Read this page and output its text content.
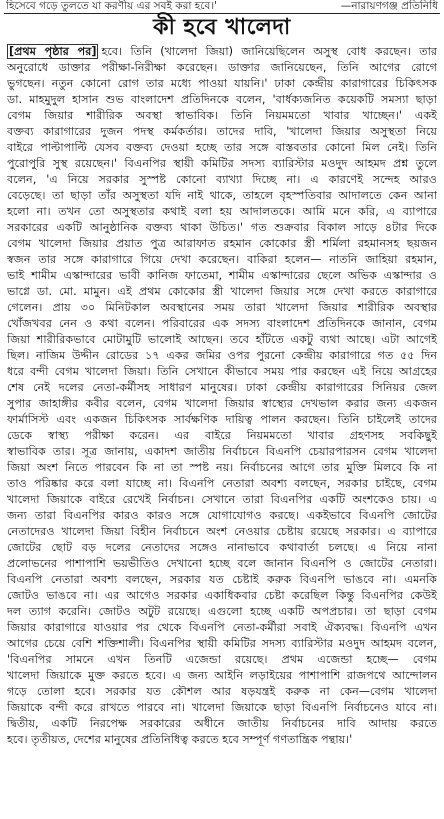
হিসেবে গড়ে তুলতে যা করণীয় এর সবই করা হবে।'	—নারায়ণগঞ্জ প্রতিনিধি
কী হবে খালেদা
[প্রথম পৃষ্ঠার পর] হবে। তিনি (খালেদা জিয়া) জানিয়েছিলেন অসুস্থ বোধ করছেন। তার
অনুরোধে ডাক্তার পরীক্ষা-নিরীক্ষা করেছেন। ডাক্তার জানিয়েছেন, তিনি আগের রোগে
ভুগছেন। নতুন কোনো রোগ তার মধ্যে পাওয়া যায়নি।' ঢাকা কেন্দ্রীয় কারাগারের চিকিৎসক
ডা. মাহমুদুল হাসান শুভ বাংলাদেশ প্রতিদিনকে বলেন, 'বার্ধক্যজনিত কয়েকটি সমস্যা ছাড়া
বেগম জিয়ার শারীরিক অবস্থা স্বাভাবিক। তিনি নিয়মমতো খাবার খাচ্ছেন।' একই
বক্তব্য কারাগারের দুজন পদস্থ কর্মকর্তার। তাদের দাবি, 'খালেদা জিয়ার অসুস্থতা নিয়ে
বাইরে পাল্টাপাল্টি যেসব বক্তব্য দেওয়া হচ্ছে তার সঙ্গে বাস্তবতার কোনো মিল নেই। তিনি
পুরোপুরি সুস্থ রয়েছেন।' বিএনপির স্থায়ী কমিটির সদস্য ব্যারিস্টার মওদুদ আহমদ প্রশ্ন তুলে
বলেন, 'এ নিয়ে সরকার সুস্পষ্ট কোনো ব্যাখ্যা দিচ্ছে না। এ কারণেই সন্দেহ আরও
বেড়েছে। তা ছাড়া তাঁর অসুস্থতা যদি নাই থাকে, তাহলে বৃহস্পতিবার আদালতে কেন আনা
হলো না। তখন তো অসুস্থতার কথাই বলা হয় আদালতকে। আমি মনে করি, এ ব্যাপারে
সরকারের একটি আনুষ্ঠানিক বক্তব্য থাকা উচিত।' গত শুক্রবার বিকাল সাড়ে ৪টার দিকে
বেগম খালেদা জিয়ার প্রয়াত পুত্র আরাফাত রহমান কোকোর স্ত্রী শর্মিলা রহমানসহ ছয়জন
স্বজন তার সঙ্গে কারাগারে গিয়ে দেখা করেছেন। বাকিরা হলেন— নাতনি জাহিয়া রহমান,
ভাই শামীম এস্কান্দারের ভাবী কানিজ ফাতেমা, শামীম এস্কান্দারের ছেলে অভিক এস্কান্দার ও
ভাগ্নে ডা. মো. মামুন। এই প্রথম কোকোর স্ত্রী খালেদা জিয়ার সঙ্গে দেখা করতে কারাগারে
গেলেন। প্রায় ৩০ মিনিটকাল অবস্থানের সময় তারা খালেদা জিয়ার শারীরিক অবস্থার
খোঁজখবর নেন ও কথা বলেন। পরিবারের এক সদস্য বাংলাদেশ প্রতিদিনকে জানান, বেগম
জিয়া শারীরিকভাবে মোটামুটি ভালোই আছেন। তবে হাঁটতে একটু ব্যথা আছে। এটা আগেই
ছিল। নাজিম উদ্দীন রোডের ১৭ একর জমির ওপর পুরনো কেন্দ্রীয় কারাগারে গত ৫৫ দিন
ধরে বন্দী বেগম খালেদা জিয়া। তিনি সেখানে কীভাবে সময় পার করছেন এই নিয়ে আগ্রহের
শেষ নেই দলের নেতা-কর্মীসহ সাধারণ মানুষের। ঢাকা কেন্দ্রীয় কারাগারের সিনিয়র জেল
সুপার জাহাঙ্গীর কবীর বলেন, বেগম খালেদা জিয়ার স্বাস্থ্যের দেখভাল করার জন্য একজন
ফার্মাসিস্ট এবং একজন চিকিৎসক সার্বক্ষণিক দায়িত্ব পালন করছেন। তিনি চাইলেই তাদের
ডেকে স্বাস্থ্য পরীক্ষা করেন। এর বাইরে নিয়মমতো খাবার গ্রহণসহ সবকিছুই
স্বাভাবিক তার। সূত্র জানায়, একাদশ জাতীয় নির্বাচনে বিএনপি চেয়ারপারসন বেগম খালেদা
জিয়া অংশ নিতে পারবেন কি না তা স্পষ্ট নয়। নির্বাচনের আগে তার মুক্তি মিলবে কি না
তাও পরিষ্কার করে বলা যাচ্ছে না। বিএনপি নেতারা অবশ্য বলছেন, সরকার চাইছে, বেগম
খালেদা জিয়াকে বাইরে রেখেই নির্বাচন। সেখানে তারা বিএনপির একটি অংশকেও চায়। এ
জন্য তারা বিএনপির কারও কারও সঙ্গে যোগাযোগও করছে। একইভাবে বিএনপি জোটের
নেতাদেরও খালেদা জিয়া বিহীন নির্বাচনে অংশ নেওয়ার চেষ্টায় রয়েছে সরকার। এ ব্যাপারে
জোটের ছোট বড় দলের নেতাদের সঙ্গেও নানাভাবে কথাবার্তা চলছে। এ নিয়ে নানা
প্রলোভনের পাশাপাশি ভয়ভীতিও দেখানো হচ্ছে বলে জানান বিএনপি ও জোটের নেতারা।
বিএনপি নেতারা অবশ্য বলছেন, সরকার যত চেষ্টাই করুক বিএনপি ভাঙবে না। এমনকি
জোটও ভাঙবে না। এর আগেও সরকার একাধিকবার চেষ্টা করেছিল কিন্তু বিএনপির কেউই
দল ত্যাগ করেনি। জোটও অটুট রয়েছে। এগুলো হচ্ছে একটি অপপ্রচার। তা ছাড়া বেগম
জিয়ার কারাগারে যাওয়ার পর থেকে বিএনপি নেতা-কর্মীরা সবাই ঐক্যবদ্ধ। বিএনপি এখন
আগের চেয়ে বেশি শক্তিশালী। বিএনপির স্থায়ী কমিটির সদস্য ব্যারিস্টার মওদুদ আহমদ বলেন,
'বিএনপির সামনে এখন তিনটি এজেন্ডা রয়েছে। প্রথম এজেন্ডা হচ্ছে— বেগম
খালেদা জিয়াকে মুক্ত করতে হবে। এ জন্য আইনি লড়াইয়ের পাশাপাশি রাজপথে আন্দোলন
গড়ে তোলা হবে। সরকার যত কৌশল আর ষড়যন্ত্রই করুক না কেন—বেগম খালেদা
জিয়াকে বন্দী করে রাখতে পারবে না। খালেদা জিয়াকে ছাড়া বিএনপি নির্বাচনেও যাবে না।
দ্বিতীয়, একটি নিরপেক্ষ সরকারের অধীনে জাতীয় নির্বাচনের দাবি আদায় করতে
হবে। তৃতীয়ত, দেশের মানুষের প্রতিনিধিত্ব করতে হবে সম্পূর্ণ গণতান্ত্রিক পন্থায়।'
